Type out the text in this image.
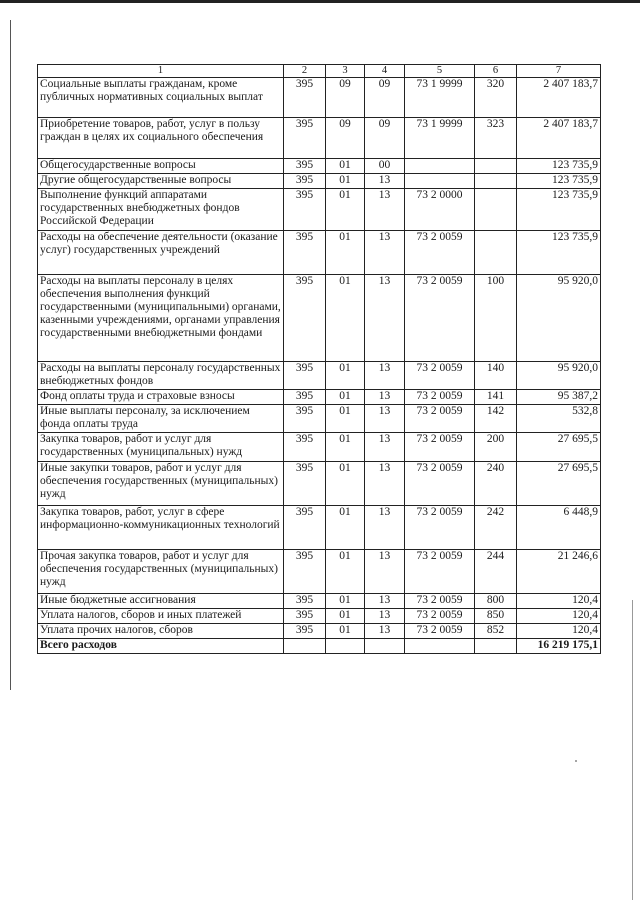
1	2	3	4	5	6	7
Социальные выплаты гражданам, кроме публичных нормативных социальных выплат	395	09	09	73 1 9999	320	2 407 183,7
Приобретение товаров, работ, услуг в пользу граждан в целях их социального обеспечения	395	09	09	73 1 9999	323	2 407 183,7
Общегосударственные вопросы	395	01	00			123 735,9
Другие общегосударственные вопросы	395	01	13			123 735,9
Выполнение функций аппаратами государственных внебюджетных фондов Российской Федерации	395	01	13	73 2 0000		123 735,9
Расходы на обеспечение деятельности (оказание услуг) государственных учреждений	395	01	13	73 2 0059		123 735,9
Расходы на выплаты персоналу в целях обеспечения выполнения функций государственными (муниципальными) органами, казенными учреждениями, органами управления государственными внебюджетными фондами	395	01	13	73 2 0059	100	95 920,0
Расходы на выплаты персоналу государственных внебюджетных фондов	395	01	13	73 2 0059	140	95 920,0
Фонд оплаты труда и страховые взносы	395	01	13	73 2 0059	141	95 387,2
Иные выплаты персоналу, за исключением фонда оплаты труда	395	01	13	73 2 0059	142	532,8
Закупка товаров, работ и услуг для государственных (муниципальных) нужд	395	01	13	73 2 0059	200	27 695,5
Иные закупки товаров, работ и услуг для обеспечения государственных (муниципальных) нужд	395	01	13	73 2 0059	240	27 695,5
Закупка товаров, работ, услуг в сфере информационно-коммуникационных технологий	395	01	13	73 2 0059	242	6 448,9
Прочая закупка товаров, работ и услуг для обеспечения государственных (муниципальных) нужд	395	01	13	73 2 0059	244	21 246,6
Иные бюджетные ассигнования	395	01	13	73 2 0059	800	120,4
Уплата налогов, сборов и иных платежей	395	01	13	73 2 0059	850	120,4
Уплата прочих налогов, сборов	395	01	13	73 2 0059	852	120,4
Всего расходов						16 219 175,1
